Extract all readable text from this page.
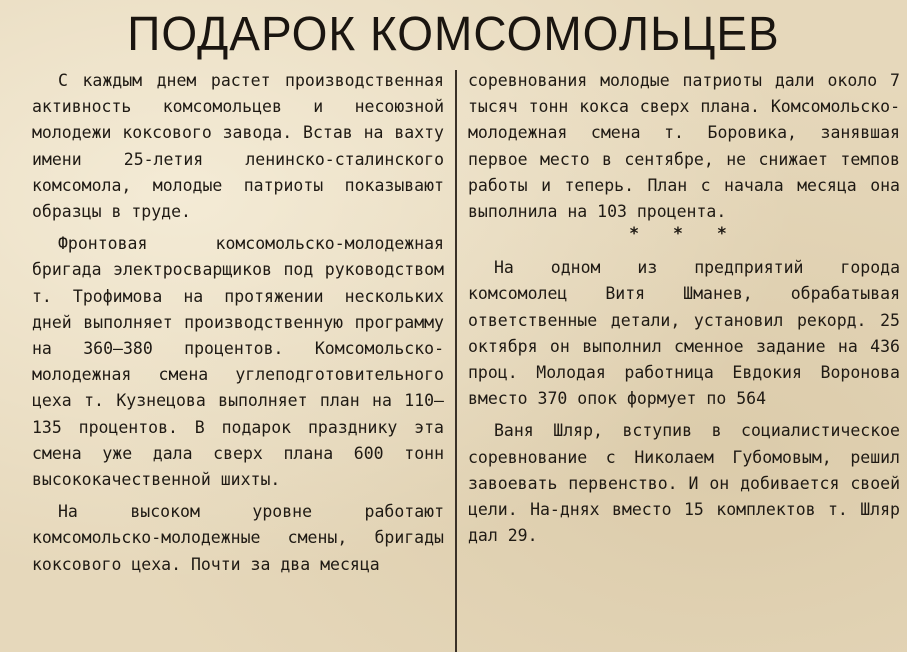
ПОДАРОК КОМСОМОЛЬЦЕВ

С каждым днем растет производственная активность комсомольцев и несоюзной молодежи коксового завода. Встав на вахту имени 25-летия ленинско-сталинского комсомола, молодые патриоты показывают образцы в труде.

Фронтовая комсомольско-молодежная бригада электросварщиков под руководством т. Трофимова на протяжении нескольких дней выполняет производственную программу на 360—380 процентов. Комсомольско-молодежная смена углеподготовительного цеха т. Кузнецова выполняет план на 110—135 процентов. В подарок празднику эта смена уже дала сверх плана 600 тонн высококачественной шихты.

На высоком уровне работают комсомольско-молодежные смены, бригады коксового цеха. Почти за два месяца

соревнования молодые патриоты дали около 7 тысяч тонн кокса сверх плана. Комсомольско-молодежная смена т. Боровика, занявшая первое место в сентябре, не снижает темпов работы и теперь. План с начала месяца она выполнила на 103 процента.

* * *

На одном из предприятий города комсомолец Витя Шманев, обрабатывая ответственные детали, установил рекорд. 25 октября он выполнил сменное задание на 436 проц. Молодая работница Евдокия Воронова вместо 370 опок формует по 564

Ваня Шляр, вступив в социалистическое соревнование с Николаем Губомовым, решил завоевать первенство. И он добивается своей цели. На-днях вместо 15 комплектов т. Шляр дал 29.
